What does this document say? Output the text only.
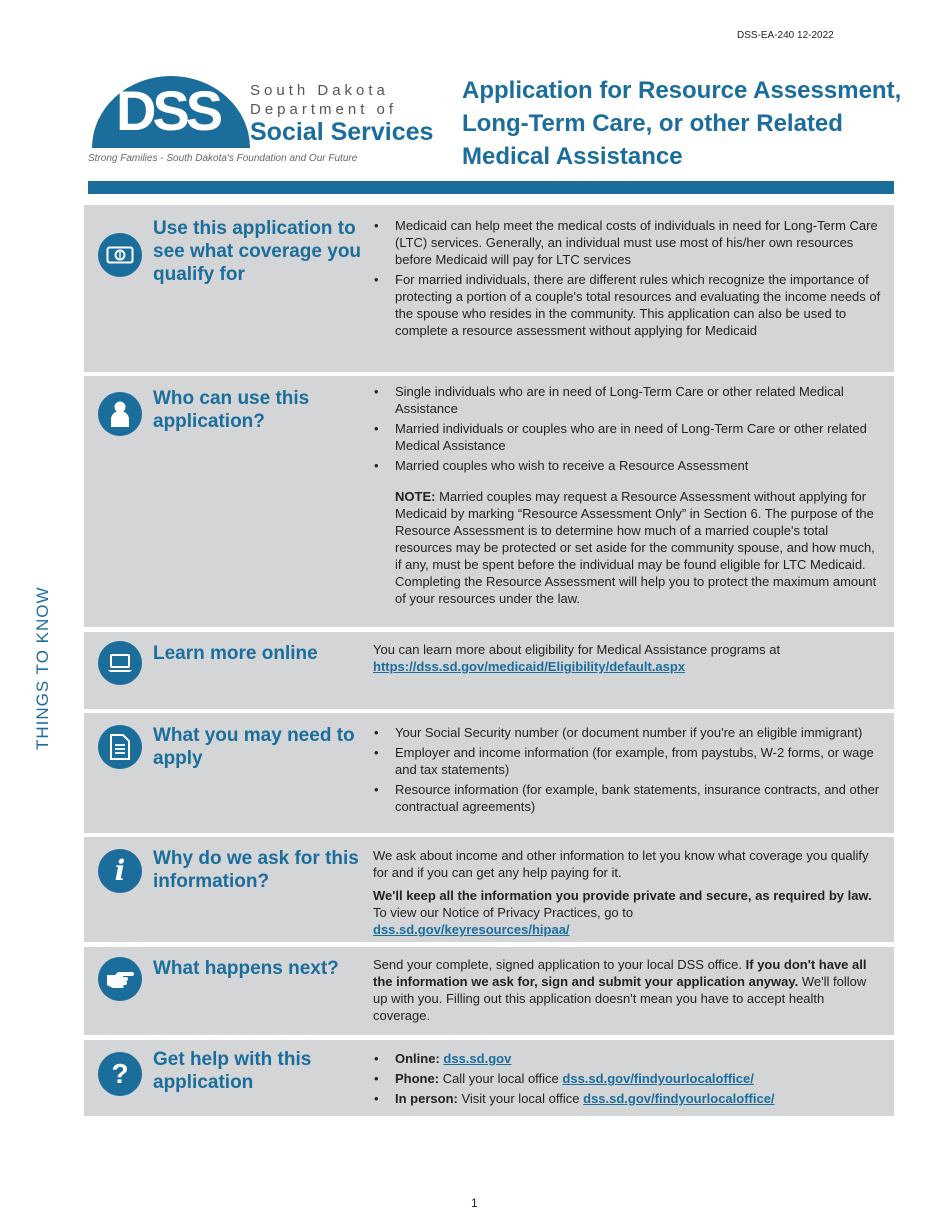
DSS-EA-240 12-2022
DSS South Dakota
Department of
Social Services
Strong Families - South Dakota's Foundation and Our Future
Application for Resource Assessment, Long-Term Care, or other Related Medical Assistance
THINGS TO KNOW
Use this application to see what coverage you qualify for
• Medicaid can help meet the medical costs of individuals in need for Long-Term Care (LTC) services. Generally, an individual must use most of his/her own resources before Medicaid will pay for LTC services
• For married individuals, there are different rules which recognize the importance of protecting a portion of a couple's total resources and evaluating the income needs of the spouse who resides in the community. This application can also be used to complete a resource assessment without applying for Medicaid
Who can use this application?
• Single individuals who are in need of Long-Term Care or other related Medical Assistance
• Married individuals or couples who are in need of Long-Term Care or other related Medical Assistance
• Married couples who wish to receive a Resource Assessment
NOTE: Married couples may request a Resource Assessment without applying for Medicaid by marking “Resource Assessment Only” in Section 6. The purpose of the Resource Assessment is to determine how much of a married couple's total resources may be protected or set aside for the community spouse, and how much, if any, must be spent before the individual may be found eligible for LTC Medicaid. Completing the Resource Assessment will help you to protect the maximum amount of your resources under the law.
Learn more online	You can learn more about eligibility for Medical Assistance programs at
https://dss.sd.gov/medicaid/Eligibility/default.aspx
What you may need to apply
• Your Social Security number (or document number if you're an eligible immigrant)
• Employer and income information (for example, from paystubs, W-2 forms, or wage and tax statements)
• Resource information (for example, bank statements, insurance contracts, and other contractual agreements)
i Why do we ask for this information?

We ask about income and other information to let you know what coverage you qualify for and if you can get any help paying for it.

We'll keep all the information you provide private and secure, as required by law. To view our Notice of Privacy Practices, go to
dss.sd.gov/keyresources/hipaa/

What happens next?	Send your complete, signed application to your local DSS office. If you don't have all the information we ask for, sign and submit your application anyway. We'll follow up with you. Filling out this application doesn't mean you have to accept health coverage.
? Get help with this application
• Online: dss.sd.gov
• Phone: Call your local office dss.sd.gov/findyourlocaloffice/
• In person: Visit your local office dss.sd.gov/findyourlocaloffice/
1
